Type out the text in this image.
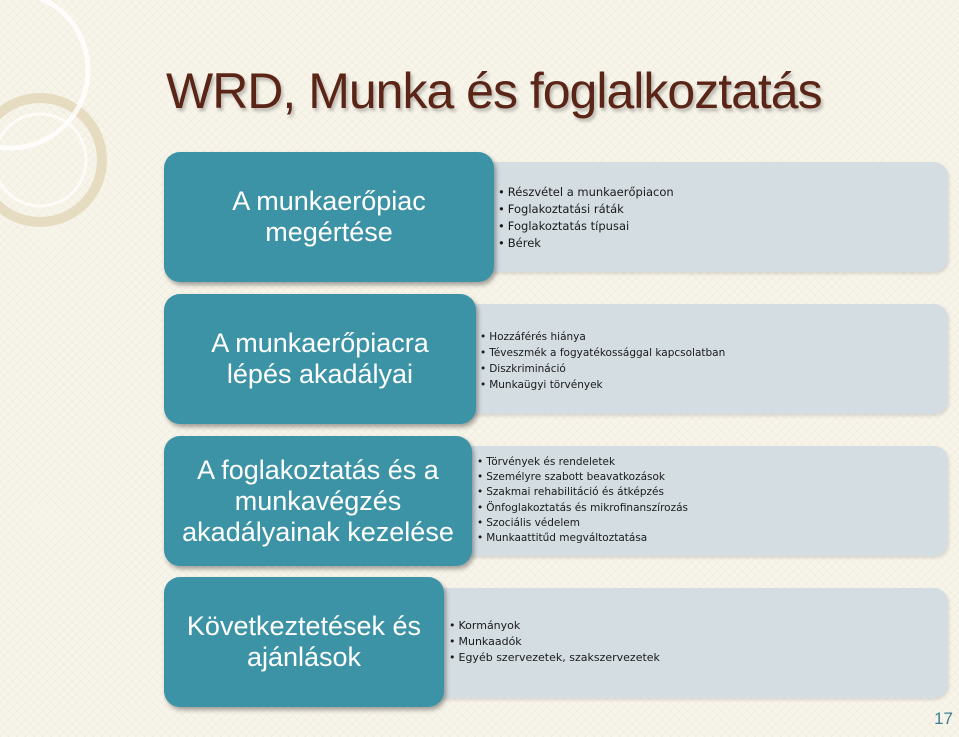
WRD, Munka és foglalkoztatás
A munkaerőpiac
megértése
• Részvétel a munkaerőpiacon
• Foglakoztatási ráták
• Foglakoztatás típusai
• Bérek
A munkaerőpiacra
lépés akadályai
• Hozzáférés hiánya
• Téveszmék a fogyatékossággal kapcsolatban
• Diszkrimináció
• Munkaügyi törvények
A foglakoztatás és a
munkavégzés
akadályainak kezelése
• Törvények és rendeletek
• Személyre szabott beavatkozások
• Szakmai rehabilitáció és átképzés
• Önfoglakoztatás és mikrofinanszírozás
• Szociális védelem
• Munkaattitűd megváltoztatása
Következtetések és
ajánlások
• Kormányok
• Munkaadók
• Egyéb szervezetek, szakszervezetek
17
